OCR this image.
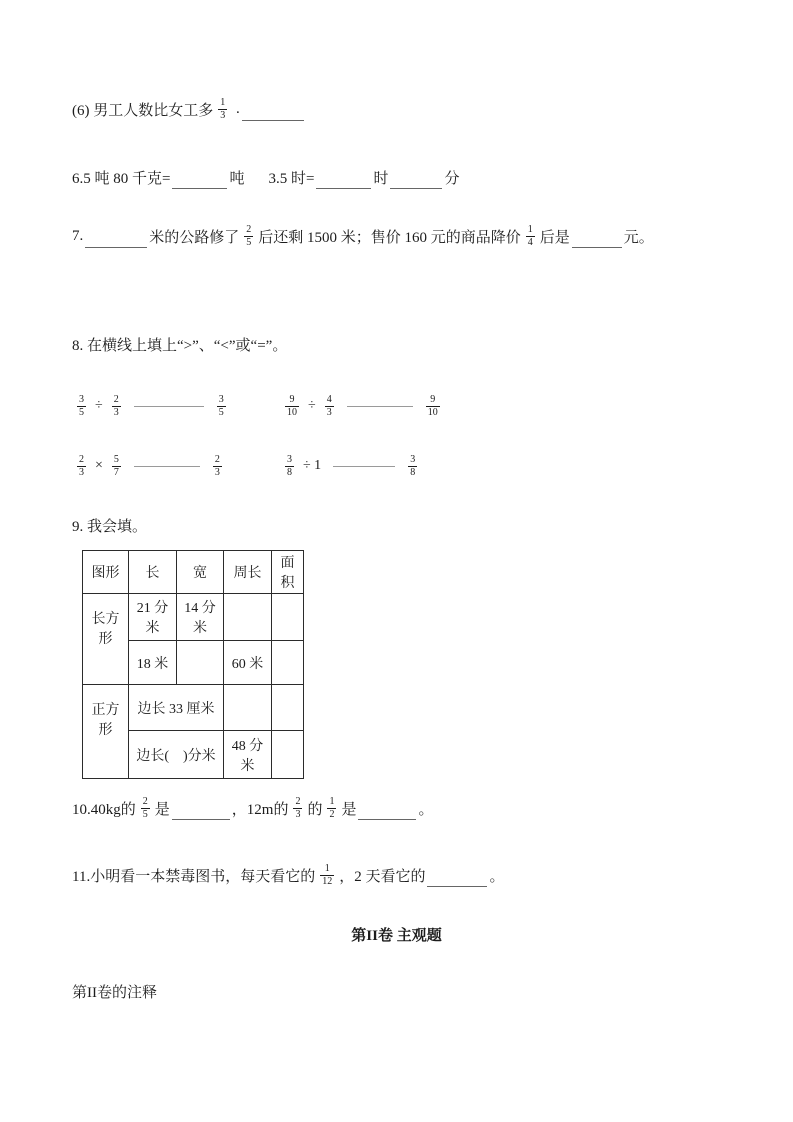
(6) 男工人数比女工多 $\frac{1}{3}$ .
6.5 吨 80 千克=	吨 3.5 时=	时	分
7.	米的公路修了 $\frac{2}{5}$ 后还剩 1500 米；售价 160 元的商品降价 $\frac{1}{4}$ 后是	元。
8. 在横线上填上“>”、“<”或“=”。
$\frac{3}{5} \div \frac{2}{3}$	$\frac{3}{5}$	$\frac{9}{10} \div \frac{4}{3}$	$\frac{9}{10}$
$\frac{2}{3} \times \frac{5}{7}$	$\frac{2}{3}$	$\frac{3}{8} \div 1$	$\frac{3}{8}$
9. 我会填。
图形	长	宽	周长	面积
长方形	21 分米	14 分米		
	18 米		60 米	
正方形	边长 33 厘米			
	边长(　)分米		48 分米	
10.40kg的 $\frac{2}{5}$ 是	，12m的 $\frac{2}{3}$ 的 $\frac{1}{2}$ 是	。
11.小明看一本禁毒图书，每天看它的 $\frac{1}{12}$ ，2 天看它的	。
第II卷 主观题
第II卷的注释
